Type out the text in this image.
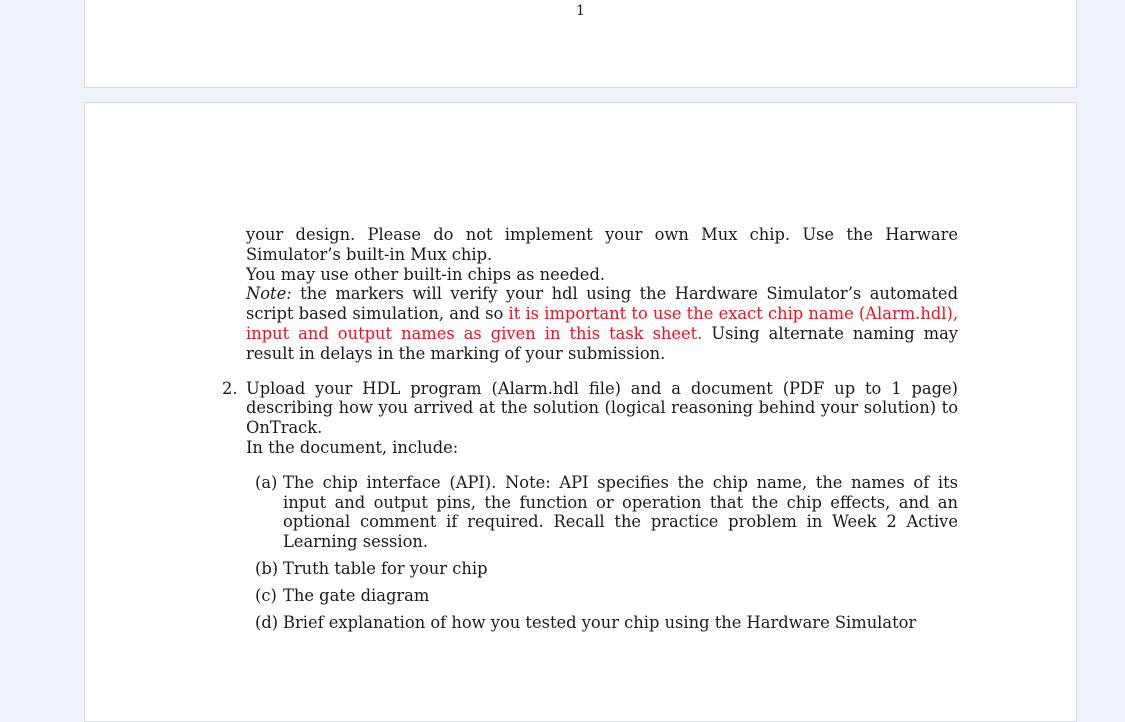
1

your design. Please do not implement your own Mux chip. Use the Harware Simulator’s built-in Mux chip.

You may use other built-in chips as needed.

Note: the markers will verify your hdl using the Hardware Simulator’s automated script based simulation, and so it is important to use the exact chip name (Alarm.hdl), input and output names as given in this task sheet. Using alternate naming may result in delays in the marking of your submission.

2. Upload your HDL program (Alarm.hdl file) and a document (PDF up to 1 page) describing how you arrived at the solution (logical reasoning behind your solution) to OnTrack.

In the document, include:

(a) The chip interface (API). Note: API specifies the chip name, the names of its input and output pins, the function or operation that the chip effects, and an optional comment if required. Recall the practice problem in Week 2 Active Learning session.
(b) Truth table for your chip
(c) The gate diagram
(d) Brief explanation of how you tested your chip using the Hardware Simulator
